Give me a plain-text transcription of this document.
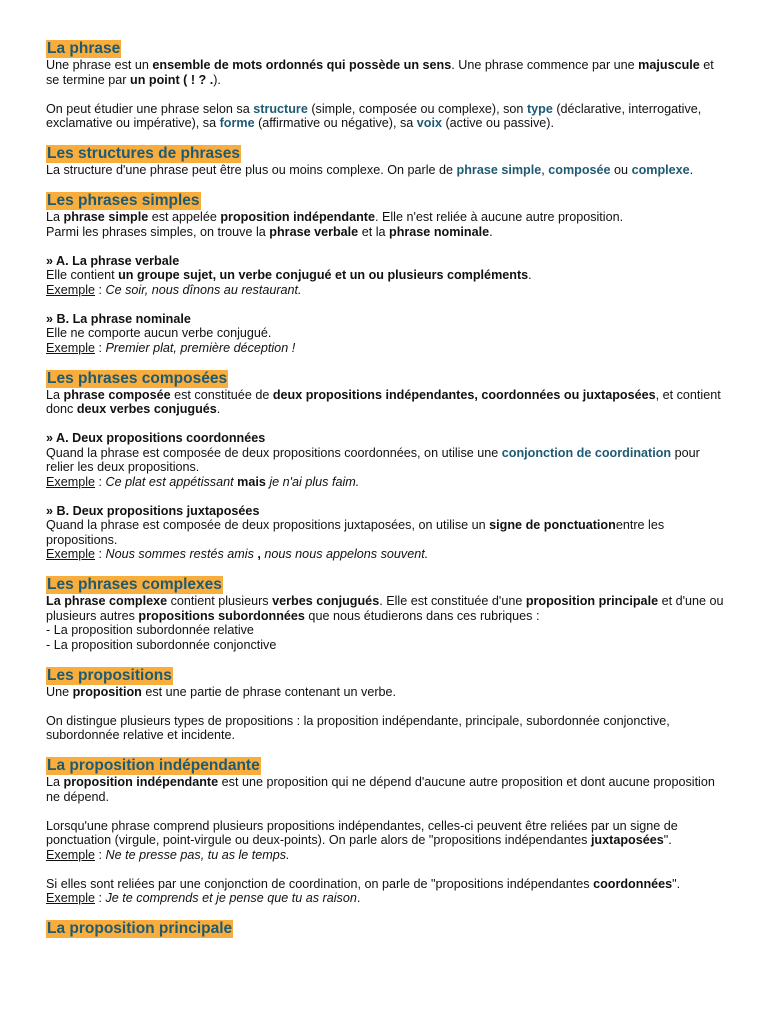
La phrase

Une phrase est un ensemble de mots ordonnés qui possède un sens. Une phrase commence par une majuscule et se termine par un point ( ! ? .).

On peut étudier une phrase selon sa structure (simple, composée ou complexe), son type (déclarative, interrogative, exclamative ou impérative), sa forme (affirmative ou négative), sa voix (active ou passive).

Les structures de phrases

La structure d'une phrase peut être plus ou moins complexe. On parle de phrase simple, composée ou complexe.

Les phrases simples

La phrase simple est appelée proposition indépendante. Elle n'est reliée à aucune autre proposition.

Parmi les phrases simples, on trouve la phrase verbale et la phrase nominale.

» A. La phrase verbale

Elle contient un groupe sujet, un verbe conjugué et un ou plusieurs compléments.

Exemple : Ce soir, nous dînons au restaurant.

» B. La phrase nominale

Elle ne comporte aucun verbe conjugué.

Exemple : Premier plat, première déception !

Les phrases composées

La phrase composée est constituée de deux propositions indépendantes, coordonnées ou juxtaposées, et contient donc deux verbes conjugués.

» A. Deux propositions coordonnées

Quand la phrase est composée de deux propositions coordonnées, on utilise une conjonction de coordination pour relier les deux propositions.

Exemple : Ce plat est appétissant mais je n'ai plus faim.

» B. Deux propositions juxtaposées

Quand la phrase est composée de deux propositions juxtaposées, on utilise un signe de ponctuationentre les propositions.

Exemple : Nous sommes restés amis , nous nous appelons souvent.

Les phrases complexes

La phrase complexe contient plusieurs verbes conjugués. Elle est constituée d'une proposition principale et d'une ou plusieurs autres propositions subordonnées que nous étudierons dans ces rubriques :

- La proposition subordonnée relative

- La proposition subordonnée conjonctive

Les propositions

Une proposition est une partie de phrase contenant un verbe.

On distingue plusieurs types de propositions : la proposition indépendante, principale, subordonnée conjonctive, subordonnée relative et incidente.

La proposition indépendante

La proposition indépendante est une proposition qui ne dépend d'aucune autre proposition et dont aucune proposition ne dépend.

Lorsqu'une phrase comprend plusieurs propositions indépendantes, celles-ci peuvent être reliées par un signe de ponctuation (virgule, point-virgule ou deux-points). On parle alors de "propositions indépendantes juxtaposées".

Exemple : Ne te presse pas, tu as le temps.

Si elles sont reliées par une conjonction de coordination, on parle de "propositions indépendantes coordonnées".

Exemple : Je te comprends et je pense que tu as raison.

La proposition principale
